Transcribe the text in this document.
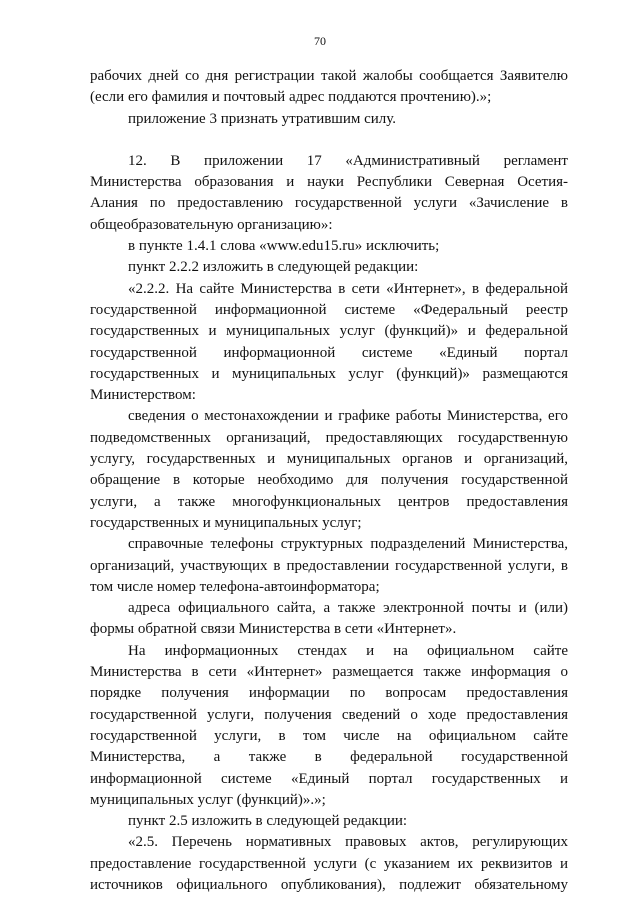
70
рабочих дней со дня регистрации такой жалобы сообщается Заявителю
(если его фамилия и почтовый адрес поддаются прочтению).»;
приложение 3 признать утратившим силу.
12. В приложении 17 «Административный регламент
Министерства образования и науки Республики Северная Осетия-
Алания по предоставлению государственной услуги «Зачисление в
общеобразовательную организацию»:
в пункте 1.4.1 слова «www.edu15.ru» исключить;
пункт 2.2.2 изложить в следующей редакции:
«2.2.2. На сайте Министерства в сети «Интернет», в федеральной
государственной информационной системе «Федеральный реестр
государственных и муниципальных услуг (функций)» и федеральной
государственной информационной системе «Единый портал
государственных и муниципальных услуг (функций)» размещаются
Министерством:
сведения о местонахождении и графике работы Министерства, его
подведомственных организаций, предоставляющих государственную
услугу, государственных и муниципальных органов и организаций,
обращение в которые необходимо для получения государственной
услуги, а также многофункциональных центров предоставления
государственных и муниципальных услуг;
справочные телефоны структурных подразделений Министерства,
организаций, участвующих в предоставлении государственной услуги, в
том числе номер телефона-автоинформатора;
адреса официального сайта, а также электронной почты и (или)
формы обратной связи Министерства в сети «Интернет».
На информационных стендах и на официальном сайте
Министерства в сети «Интернет» размещается также информация о
порядке получения информации по вопросам предоставления
государственной услуги, получения сведений о ходе предоставления
государственной услуги, в том числе на официальном сайте
Министерства, а также в федеральной государственной
информационной системе «Единый портал государственных и
муниципальных услуг (функций)».»;
пункт 2.5 изложить в следующей редакции:
«2.5. Перечень нормативных правовых актов, регулирующих
предоставление государственной услуги (с указанием их реквизитов и
источников официального опубликования), подлежит обязательному
